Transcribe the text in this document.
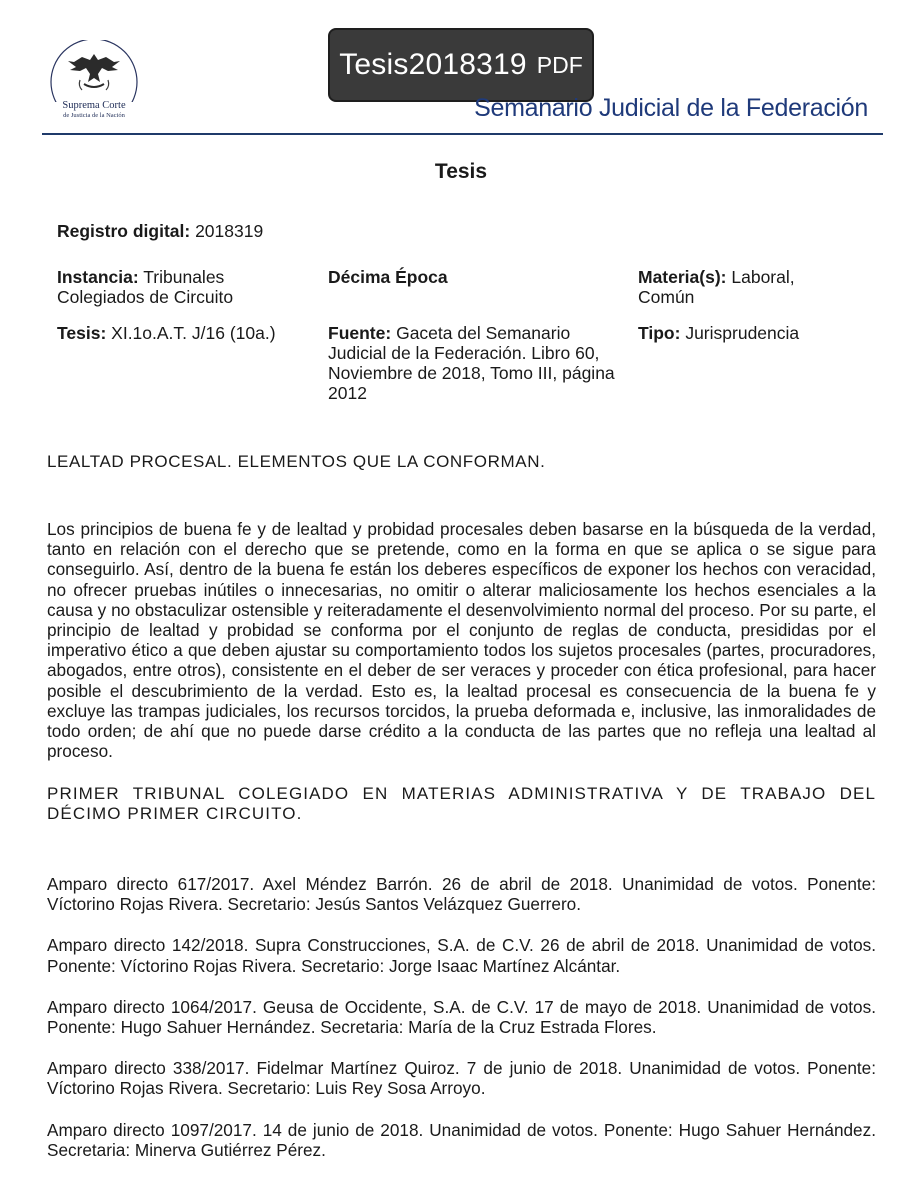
Suprema Corte
de Justicia de la Nación
Tesis2018319 PDF
Semanario Judicial de la Federación
Tesis
Registro digital: 2018319
Instancia: Tribunales Colegiados de Circuito
Décima Época	Materia(s): Laboral, Común
Tesis: XI.1o.A.T. J/16 (10a.)	Fuente: Gaceta del Semanario Judicial de la Federación. Libro 60, Noviembre de 2018, Tomo III, página 2012
Tipo: Jurisprudencia
LEALTAD PROCESAL. ELEMENTOS QUE LA CONFORMAN.
Los principios de buena fe y de lealtad y probidad procesales deben basarse en la búsqueda de la verdad, tanto en relación con el derecho que se pretende, como en la forma en que se aplica o se sigue para conseguirlo. Así, dentro de la buena fe están los deberes específicos de exponer los hechos con veracidad, no ofrecer pruebas inútiles o innecesarias, no omitir o alterar maliciosamente los hechos esenciales a la causa y no obstaculizar ostensible y reiteradamente el desenvolvimiento normal del proceso. Por su parte, el principio de lealtad y probidad se conforma por el conjunto de reglas de conducta, presididas por el imperativo ético a que deben ajustar su comportamiento todos los sujetos procesales (partes, procuradores, abogados, entre otros), consistente en el deber de ser veraces y proceder con ética profesional, para hacer posible el descubrimiento de la verdad. Esto es, la lealtad procesal es consecuencia de la buena fe y excluye las trampas judiciales, los recursos torcidos, la prueba deformada e, inclusive, las inmoralidades de todo orden; de ahí que no puede darse crédito a la conducta de las partes que no refleja una lealtad al proceso.
PRIMER TRIBUNAL COLEGIADO EN MATERIAS ADMINISTRATIVA Y DE TRABAJO DEL DÉCIMO PRIMER CIRCUITO.

Amparo directo 617/2017. Axel Méndez Barrón. 26 de abril de 2018. Unanimidad de votos. Ponente: Víctorino Rojas Rivera. Secretario: Jesús Santos Velázquez Guerrero.

Amparo directo 142/2018. Supra Construcciones, S.A. de C.V. 26 de abril de 2018. Unanimidad de votos. Ponente: Víctorino Rojas Rivera. Secretario: Jorge Isaac Martínez Alcántar.

Amparo directo 1064/2017. Geusa de Occidente, S.A. de C.V. 17 de mayo de 2018. Unanimidad de votos. Ponente: Hugo Sahuer Hernández. Secretaria: María de la Cruz Estrada Flores.

Amparo directo 338/2017. Fidelmar Martínez Quiroz. 7 de junio de 2018. Unanimidad de votos. Ponente: Víctorino Rojas Rivera. Secretario: Luis Rey Sosa Arroyo.

Amparo directo 1097/2017. 14 de junio de 2018. Unanimidad de votos. Ponente: Hugo Sahuer Hernández. Secretaria: Minerva Gutiérrez Pérez.
